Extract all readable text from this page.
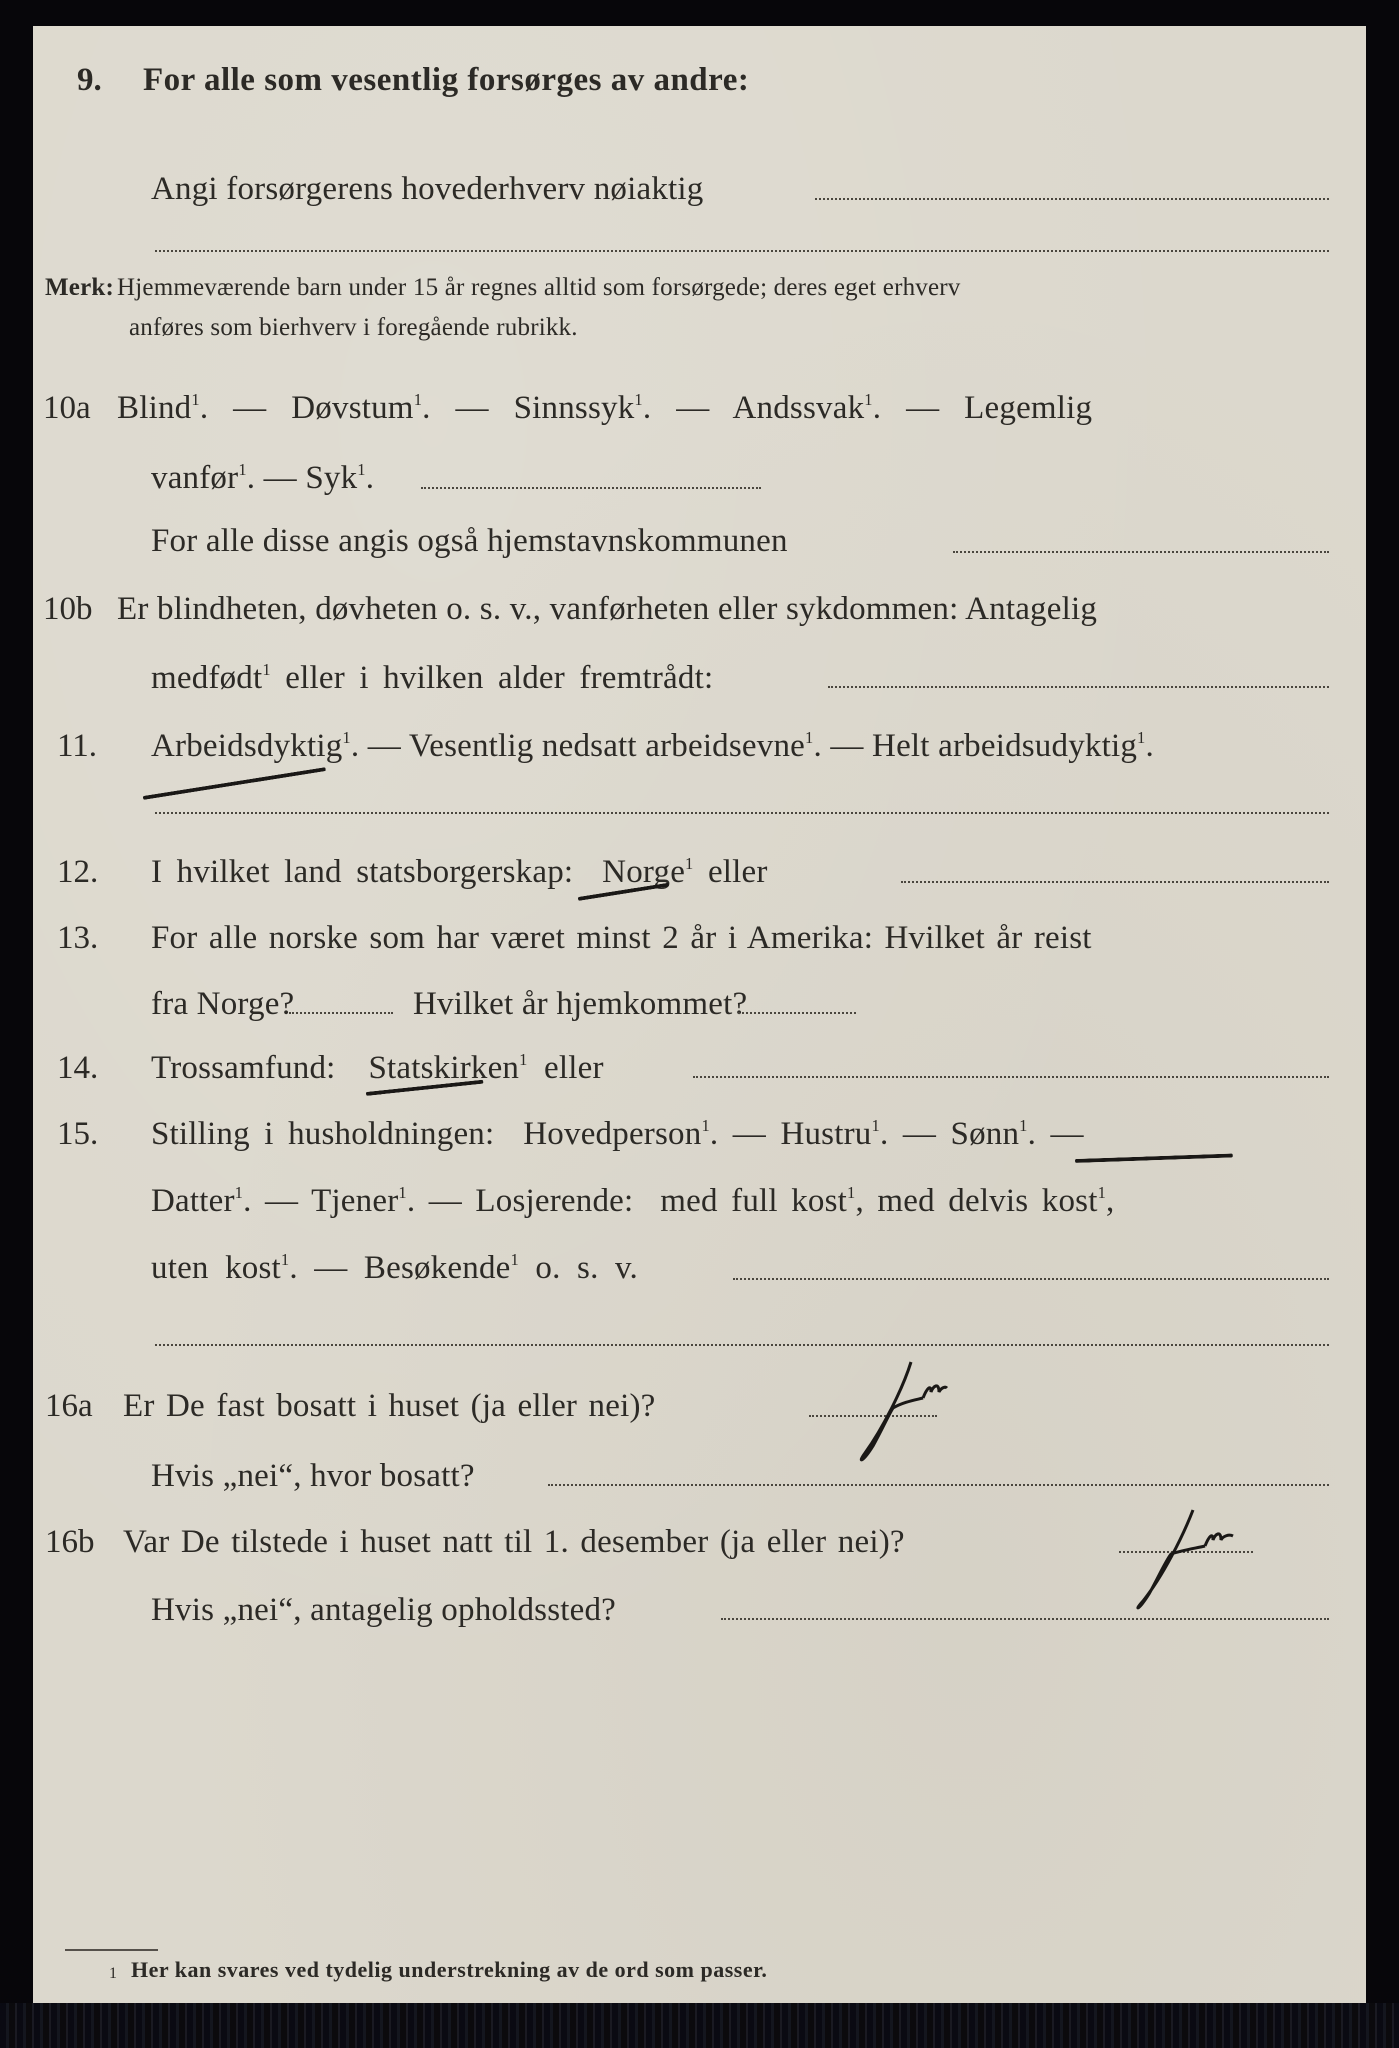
9. For alle som vesentlig forsørges av andre:
Angi forsørgerens hovederhverv nøiaktig
Merk: Hjemmeværende barn under 15 år regnes alltid som forsørgede; deres eget erhverv
anføres som bierhverv i foregående rubrikk.
10a Blind$^1$.  —  Døvstum$^1$.  —  Sinnssyk$^1$.  —  Andssvak$^1$.  —  Legemlig
vanfør$^1$. — Syk$^1$.
For alle disse angis også hjemstavnskommunen
10b Er blindheten, døvheten o. s. v., vanførheten eller sykdommen: Antagelig
medfødt$^1$ eller i hvilken alder fremtrådt:
11. Arbeidsdyktig$^1$. — Vesentlig nedsatt arbeidsevne$^1$. — Helt arbeidsudyktig$^1$.
12. I hvilket land statsborgerskap: Norge$^1$ eller
13. For alle norske som har været minst 2 år i Amerika: Hvilket år reist
fra Norge?	Hvilket år hjemkommet?
14. Trossamfund: Statskirken$^1$ eller
15. Stilling i husholdningen: Hovedperson$^1$. — Hustru$^1$. — Sønn$^1$. —
Datter$^1$. — Tjener$^1$. — Losjerende: med full kost$^1$, med delvis kost$^1$,
uten kost$^1$. — Besøkende$^1$ o. s. v.
16a Er De fast bosatt i huset (ja eller nei)?
Hvis „nei“, hvor bosatt?
16b Var De tilstede i huset natt til 1. desember (ja eller nei)?
Hvis „nei“, antagelig opholdssted?
1 Her kan svares ved tydelig understrekning av de ord som passer.
